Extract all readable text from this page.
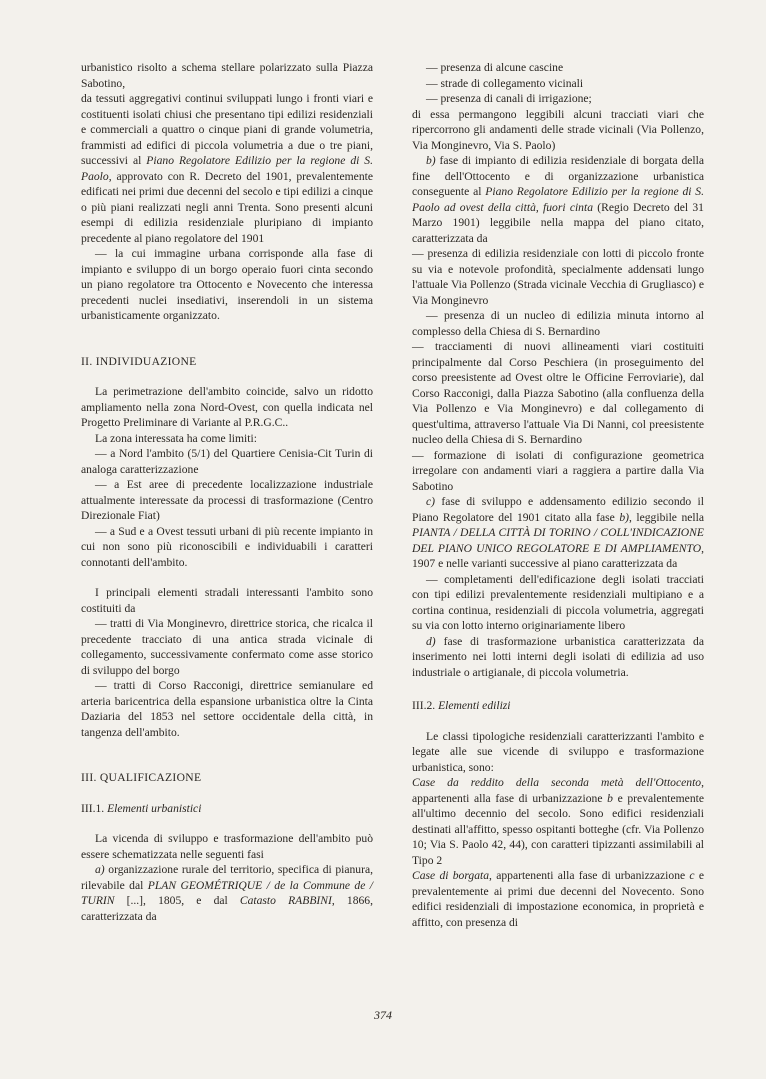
urbanistico risolto a schema stellare polarizzato sulla Piazza Sabotino,

da tessuti aggregativi continui sviluppati lungo i fronti viari e costituenti isolati chiusi che presentano tipi edilizi residenziali e commerciali a quattro o cinque piani di grande volumetria, frammisti ad edifici di piccola volumetria a due o tre piani, successivi al Piano Regolatore Edilizio per la regione di S. Paolo, approvato con R. Decreto del 1901, prevalentemente edificati nei primi due decenni del secolo e tipi edilizi a cinque o più piani realizzati negli anni Trenta. Sono presenti alcuni esempi di edilizia residenziale pluripiano di impianto precedente al piano regolatore del 1901

— la cui immagine urbana corrisponde alla fase di impianto e sviluppo di un borgo operaio fuori cinta secondo un piano regolatore tra Ottocento e Novecento che interessa precedenti nuclei insediativi, inserendoli in un sistema urbanisticamente organizzato.

II. INDIVIDUAZIONE

La perimetrazione dell'ambito coincide, salvo un ridotto ampliamento nella zona Nord-Ovest, con quella indicata nel Progetto Preliminare di Variante al P.R.G.C..

La zona interessata ha come limiti:

— a Nord l'ambito (5/1) del Quartiere Cenisia-Cit Turin di analoga caratterizzazione

— a Est aree di precedente localizzazione industriale attualmente interessate da processi di trasformazione (Centro Direzionale Fiat)

— a Sud e a Ovest tessuti urbani di più recente impianto in cui non sono più riconoscibili e individuabili i caratteri connotanti dell'ambito.

I principali elementi stradali interessanti l'ambito sono costituiti da

— tratti di Via Monginevro, direttrice storica, che ricalca il precedente tracciato di una antica strada vicinale di collegamento, successivamente confermato come asse storico di sviluppo del borgo

— tratti di Corso Racconigi, direttrice semianulare ed arteria baricentrica della espansione urbanistica oltre la Cinta Daziaria del 1853 nel settore occidentale della città, in tangenza dell'ambito.

III. QUALIFICAZIONE
III.1. Elementi urbanistici

La vicenda di sviluppo e trasformazione dell'ambito può essere schematizzata nelle seguenti fasi

a) organizzazione rurale del territorio, specifica di pianura, rilevabile dal PLAN GEOMÉTRIQUE / de la Commune de / TURIN [...], 1805, e dal Catasto RABBINI, 1866, caratterizzata da

— presenza di alcune cascine

— strade di collegamento vicinali

— presenza di canali di irrigazione;

di essa permangono leggibili alcuni tracciati viari che ripercorrono gli andamenti delle strade vicinali (Via Pollenzo, Via Monginevro, Via S. Paolo)

b) fase di impianto di edilizia residenziale di borgata della fine dell'Ottocento e di organizzazione urbanistica conseguente al Piano Regolatore Edilizio per la regione di S. Paolo ad ovest della città, fuori cinta (Regio Decreto del 31 Marzo 1901) leggibile nella mappa del piano citato, caratterizzata da

— presenza di edilizia residenziale con lotti di piccolo fronte su via e notevole profondità, specialmente addensati lungo l'attuale Via Pollenzo (Strada vicinale Vecchia di Grugliasco) e Via Monginevro

— presenza di un nucleo di edilizia minuta intorno al complesso della Chiesa di S. Bernardino

— tracciamenti di nuovi allineamenti viari costituiti principalmente dal Corso Peschiera (in proseguimento del corso preesistente ad Ovest oltre le Officine Ferroviarie), dal Corso Racconigi, dalla Piazza Sabotino (alla confluenza della Via Pollenzo e Via Monginevro) e dal collegamento di quest'ultima, attraverso l'attuale Via Di Nanni, col preesistente nucleo della Chiesa di S. Bernardino

— formazione di isolati di configurazione geometrica irregolare con andamenti viari a raggiera a partire dalla Via Sabotino

c) fase di sviluppo e addensamento edilizio secondo il Piano Regolatore del 1901 citato alla fase b), leggibile nella PIANTA / DELLA CITTÀ DI TORINO / COLL'INDICAZIONE DEL PIANO UNICO REGOLATORE E DI AMPLIAMENTO, 1907 e nelle varianti successive al piano caratterizzata da

— completamenti dell'edificazione degli isolati tracciati con tipi edilizi prevalentemente residenziali multipiano e a cortina continua, residenziali di piccola volumetria, aggregati su via con lotto interno originariamente libero

d) fase di trasformazione urbanistica caratterizzata da inserimento nei lotti interni degli isolati di edilizia ad uso industriale o artigianale, di piccola volumetria.

III.2. Elementi edilizi

Le classi tipologiche residenziali caratterizzanti l'ambito e legate alle sue vicende di sviluppo e trasformazione urbanistica, sono:

Case da reddito della seconda metà dell'Ottocento, appartenenti alla fase di urbanizzazione b e prevalentemente all'ultimo decennio del secolo. Sono edifici residenziali destinati all'affitto, spesso ospitanti botteghe (cfr. Via Pollenzo 10; Via S. Paolo 42, 44), con caratteri tipizzanti assimilabili al Tipo 2

Case di borgata, appartenenti alla fase di urbanizzazione c e prevalentemente ai primi due decenni del Novecento. Sono edifici residenziali di impostazione economica, in proprietà e affitto, con presenza di

374
